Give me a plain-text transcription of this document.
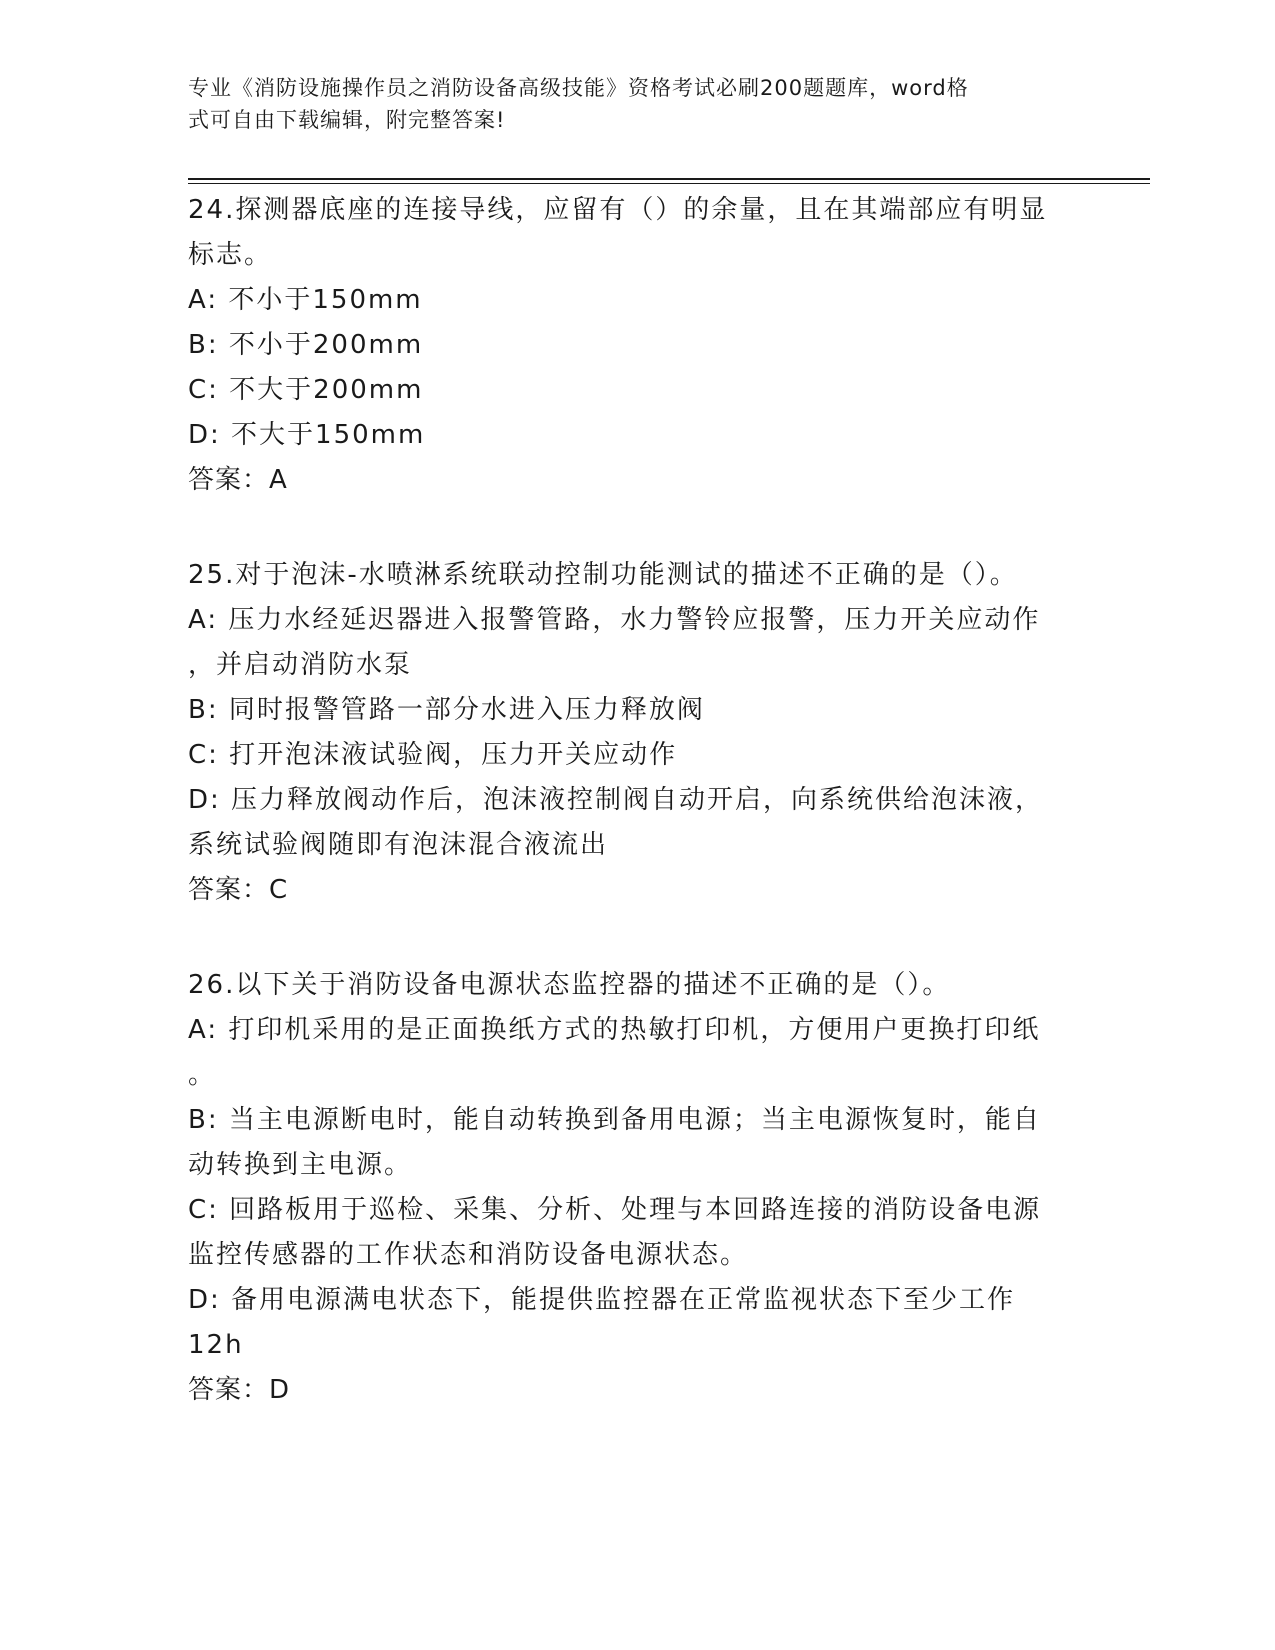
专业《消防设施操作员之消防设备高级技能》资格考试必刷200题题库，word格
式可自由下载编辑，附完整答案!
24.探测器底座的连接导线，应留有（）的余量，且在其端部应有明显
标志。
A: 不小于150mm
B: 不小于200mm
C: 不大于200mm
D: 不大于150mm
答案：A
25.对于泡沫-水喷淋系统联动控制功能测试的描述不正确的是（）。
A: 压力水经延迟器进入报警管路，水力警铃应报警，压力开关应动作
，并启动消防水泵
B: 同时报警管路一部分水进入压力释放阀
C: 打开泡沫液试验阀，压力开关应动作
D: 压力释放阀动作后，泡沫液控制阀自动开启，向系统供给泡沫液，
系统试验阀随即有泡沫混合液流出
答案：C
26.以下关于消防设备电源状态监控器的描述不正确的是（）。
A: 打印机采用的是正面换纸方式的热敏打印机，方便用户更换打印纸
。
B: 当主电源断电时，能自动转换到备用电源；当主电源恢复时，能自
动转换到主电源。
C: 回路板用于巡检、采集、分析、处理与本回路连接的消防设备电源
监控传感器的工作状态和消防设备电源状态。
D: 备用电源满电状态下，能提供监控器在正常监视状态下至少工作
12h
答案：D
